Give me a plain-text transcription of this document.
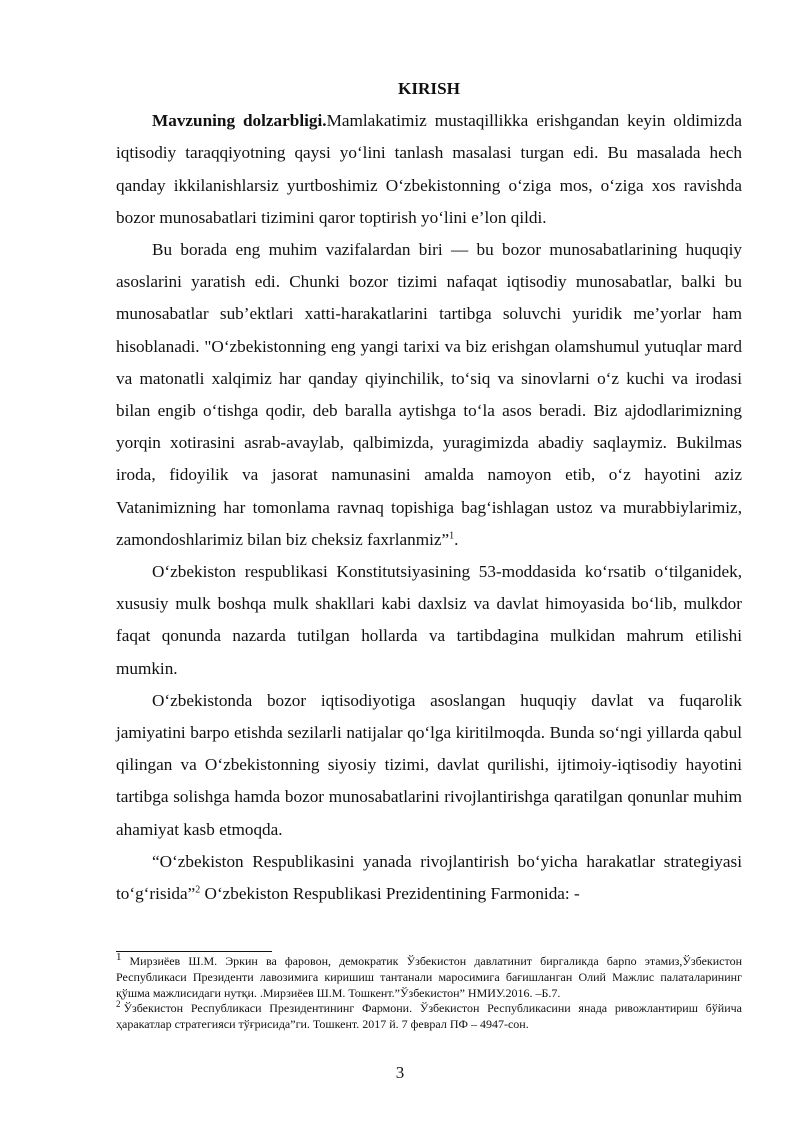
KIRISH

Mavzuning dolzarbligi.Mamlakatimiz mustaqillikka erishgandan keyin oldimizda iqtisodiy taraqqiyotning qaysi yo‘lini tanlash masalasi turgan edi. Bu masalada hech qanday ikkilanishlarsiz yurtboshimiz O‘zbekistonning o‘ziga mos, o‘ziga xos ravishda bozor munosabatlari tizimini qaror toptirish yo‘lini e’lon qildi.

Bu borada eng muhim vazifalardan biri — bu bozor munosabatlarining huquqiy asoslarini yaratish edi. Chunki bozor tizimi nafaqat iqtisodiy munosabatlar, balki bu munosabatlar sub’ektlari xatti-harakatlarini tartibga soluvchi yuridik me’yorlar ham hisoblanadi. "O‘zbekistonning eng yangi tarixi va biz erishgan olamshumul yutuqlar mard va matonatli xalqimiz har qanday qiyinchilik, to‘siq va sinovlarni o‘z kuchi va irodasi bilan engib o‘tishga qodir, deb baralla aytishga to‘la asos beradi. Biz ajdodlarimizning yorqin xotirasini asrab-avaylab, qalbimizda, yuragimizda abadiy saqlaymiz. Bukilmas iroda, fidoyilik va jasorat namunasini amalda namoyon etib, o‘z hayotini aziz Vatanimizning har tomonlama ravnaq topishiga bag‘ishlagan ustoz va murabbiylarimiz, zamondoshlarimiz bilan biz cheksiz faxrlanmiz”$^1$.

O‘zbekiston respublikasi Konstitutsiyasining 53-moddasida ko‘rsatib o‘tilganidek, xususiy mulk boshqa mulk shakllari kabi daxlsiz va davlat himoyasida bo‘lib, mulkdor faqat qonunda nazarda tutilgan hollarda va tartibdagina mulkidan mahrum etilishi mumkin.

O‘zbekistonda bozor iqtisodiyotiga asoslangan huquqiy davlat va fuqarolik jamiyatini barpo etishda sezilarli natijalar qo‘lga kiritilmoqda. Bunda so‘ngi yillarda qabul qilingan va O‘zbekistonning siyosiy tizimi, davlat qurilishi, ijtimoiy-iqtisodiy hayotini tartibga solishga hamda bozor munosabatlarini rivojlantirishga qaratilgan qonunlar muhim ahamiyat kasb etmoqda.

“O‘zbekiston Respublikasini yanada rivojlantirish bo‘yicha harakatlar strategiyasi to‘g‘risida”$^2$ O‘zbekiston Respublikasi Prezidentining Farmonida: -

1 Мирзиёев Ш.М. Эркин ва фаровон, демократик Ўзбекистон давлатинит биргаликда барпо этамиз,Ўзбекистон Республикаси Президенти лавозимига киришиш тантанали маросимига бағишланган Олий Мажлис палаталарининг қўшма мажлисидаги нутқи. .Мирзиёев Ш.М. Тошкент.”Ўзбекистон” НМИУ.2016. –Б.7.

$^2$ Ўзбекистон Республикаси Президентининг Фармони. Ўзбекистон Республикасини янада ривожлантириш бўйича ҳаракатлар стратегияси тўғрисида”ги. Тошкент. 2017 й. 7 феврал ПФ – 4947-сон.

3
